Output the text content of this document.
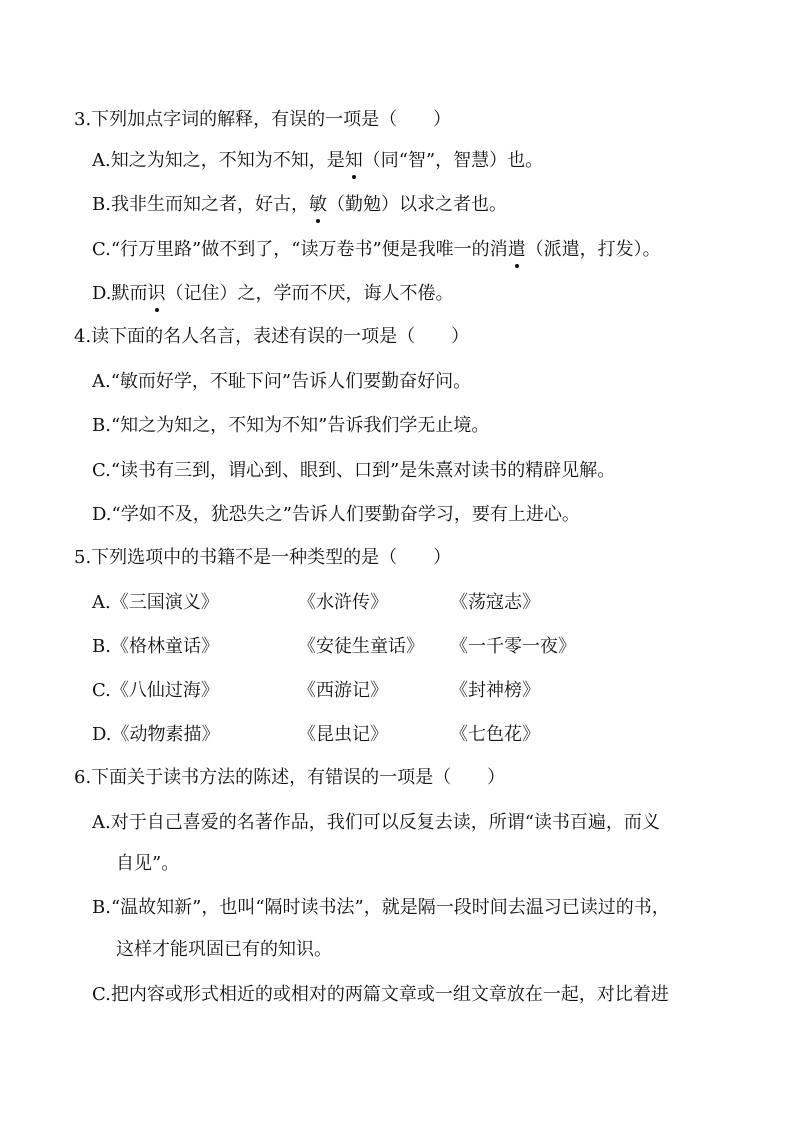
3.下列加点字词的解释，有误的一项是（　　）
A.知之为知之，不知为不知，是知（同“智”，智慧）也。
B.我非生而知之者，好古，敏（勤勉）以求之者也。
C.“行万里路”做不到了，“读万卷书”便是我唯一的消遣（派遣，打发）。
D.默而识（记住）之，学而不厌，诲人不倦。
4.读下面的名人名言，表述有误的一项是（　　）
A.“敏而好学，不耻下问”告诉人们要勤奋好问。
B.“知之为知之，不知为不知”告诉我们学无止境。
C.“读书有三到，谓心到、眼到、口到”是朱熹对读书的精辟见解。
D.“学如不及，犹恐失之”告诉人们要勤奋学习，要有上进心。
5.下列选项中的书籍不是一种类型的是（　　）
A.《三国演义》	《水浒传》	《荡寇志》
B.《格林童话》	《安徒生童话》 《一千零一夜》
C.《八仙过海》	《西游记》	《封神榜》
D.《动物素描》	《昆虫记》	《七色花》
6.下面关于读书方法的陈述，有错误的一项是（　　）
A.对于自己喜爱的名著作品，我们可以反复去读，所谓“读书百遍，而义
自见”。
B.“温故知新”，也叫“隔时读书法”，就是隔一段时间去温习已读过的书，
这样才能巩固已有的知识。
C.把内容或形式相近的或相对的两篇文章或一组文章放在一起，对比着进
